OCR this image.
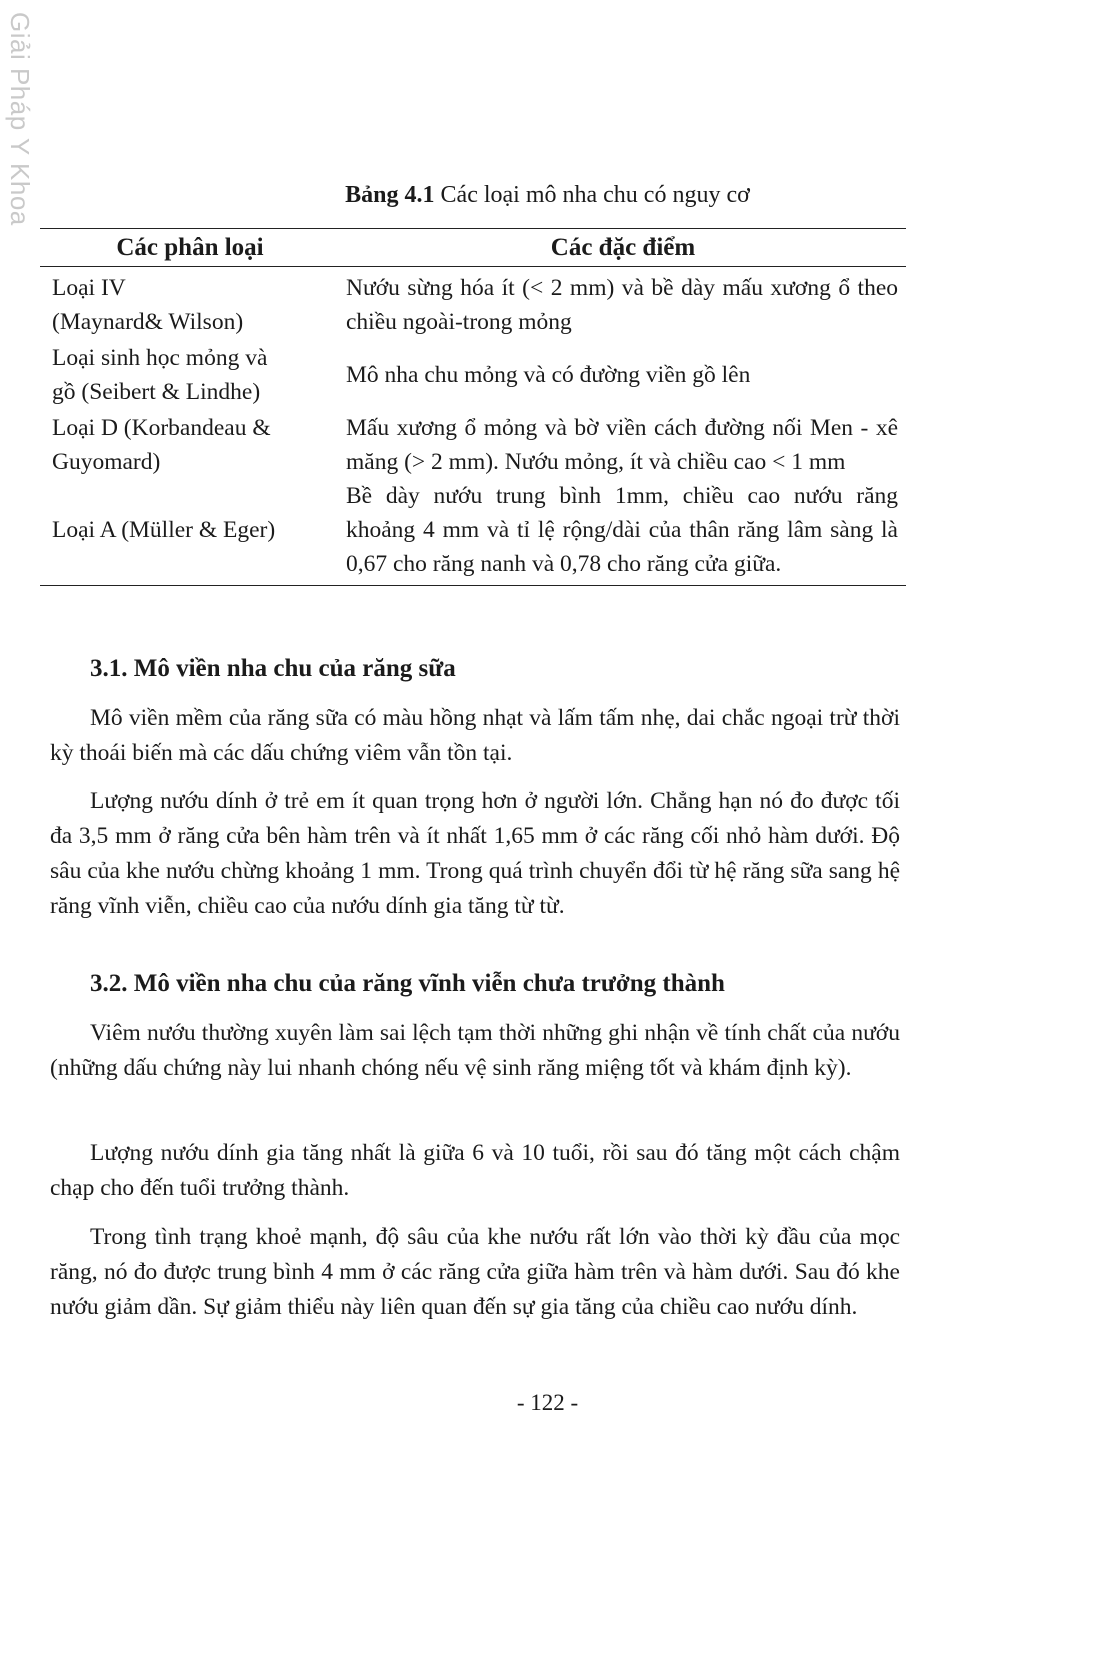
Giải Pháp Y Khoa	Bảng 4.1 Các loại mô nha chu có nguy cơ
Các phân loại	Các đặc điểm
Loại IV
(Maynard& Wilson)
Nướu sừng hóa ít (< 2 mm) và bề dày mấu xương ổ theo chiều ngoài-trong mỏng
Loại sinh học mỏng và
gồ (Seibert & Lindhe)
Mô nha chu mỏng và có đường viền gồ lên
Loại D (Korbandeau &
Guyomard)
Mấu xương ổ mỏng và bờ viền cách đường nối Men - xê măng (> 2 mm). Nướu mỏng, ít và chiều cao < 1 mm
Loại A (Müller & Eger)
Bề dày nướu trung bình 1mm, chiều cao nướu răng khoảng 4 mm và tỉ lệ rộng/dài của thân răng lâm sàng là 0,67 cho răng nanh và 0,78 cho răng cửa giữa.
3.1. Mô viền nha chu của răng sữa

Mô viền mềm của răng sữa có màu hồng nhạt và lấm tấm nhẹ, dai chắc ngoại trừ thời kỳ thoái biến mà các dấu chứng viêm vẫn tồn tại.

Lượng nướu dính ở trẻ em ít quan trọng hơn ở người lớn. Chẳng hạn nó đo được tối đa 3,5 mm ở răng cửa bên hàm trên và ít nhất 1,65 mm ở các răng cối nhỏ hàm dưới. Độ sâu của khe nướu chừng khoảng 1 mm. Trong quá trình chuyển đổi từ hệ răng sữa sang hệ răng vĩnh viễn, chiều cao của nướu dính gia tăng từ từ.

3.2. Mô viền nha chu của răng vĩnh viễn chưa trưởng thành

Viêm nướu thường xuyên làm sai lệch tạm thời những ghi nhận về tính chất của nướu (những dấu chứng này lui nhanh chóng nếu vệ sinh răng miệng tốt và khám định kỳ).

Lượng nướu dính gia tăng nhất là giữa 6 và 10 tuổi, rồi sau đó tăng một cách chậm chạp cho đến tuổi trưởng thành.

Trong tình trạng khoẻ mạnh, độ sâu của khe nướu rất lớn vào thời kỳ đầu của mọc răng, nó đo được trung bình 4 mm ở các răng cửa giữa hàm trên và hàm dưới. Sau đó khe nướu giảm dần. Sự giảm thiểu này liên quan đến sự gia tăng của chiều cao nướu dính.

- 122 -
